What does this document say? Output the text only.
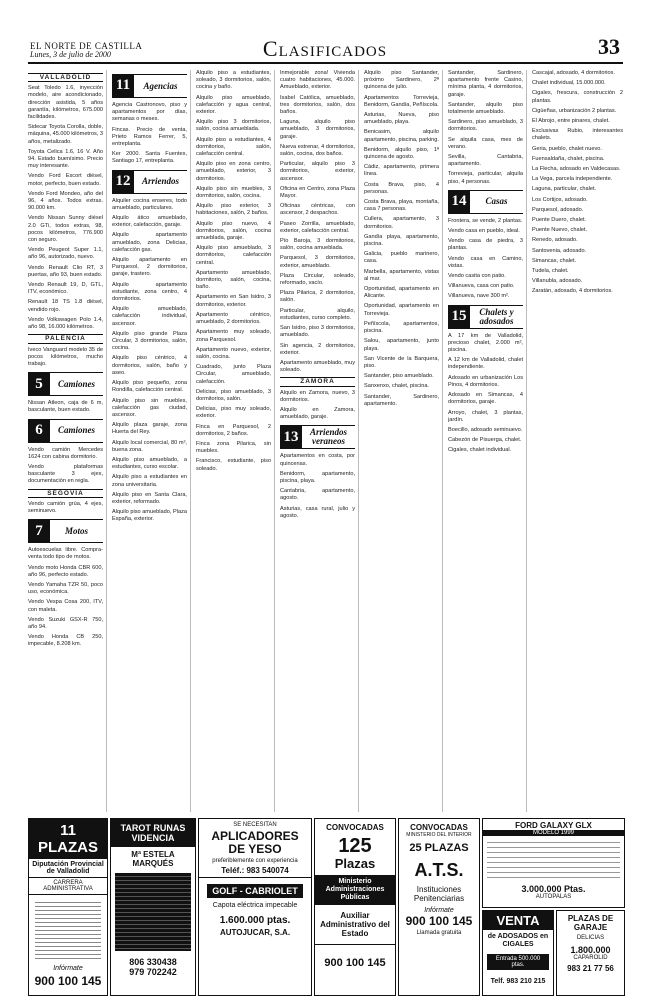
EL NORTE DE CASTILLA
Lunes, 3 de julio de 2000	Clasificados	33
VALLADOLID

Seat Toledo 1.6, inyección modelo, aire acondicionado, dirección asistida, 5 años garantía, kilómetros, 675.000 facilidades.

Sidecar Toyota Corolla, doble, máquina, 45.000 kilómetros, 3 años, metalizado.

Toyota Celica 1.6, 16 V. Año 94. Estado buenísimo. Precio muy interesante.

Vendo Ford Escort diésel, motor, perfecto, buen estado.

Vendo Ford Mondeo, año del 96, 4 años. Todos extras. 90.000 km.

Vendo Nissan Sunny diésel 2.0 GTi, todos extras, 98, pocos kilómetros, 776.900 con seguro.

Vendo Peugeot Super 1.1, año 96, autorizado, nuevo.

Vendo Renault Clio RT, 3 puertas, año 93, buen estado.

Vendo Renault 19, D, GTL, ITV, económico.

Renault 18 TS 1.8 diésel, vendido rojo.

Vendo Volkswagen Polo 1.4, año 98, 16.000 kilómetros.

PALENCIA

Iveco Vanguard modelo 35 de pocos kilómetros, mucho trabajo.

5	Camiones

Nissan Atleon, caja de 6 m, basculante, buen estado.

6	Camiones

Vendo camión Mercedes 1624 con cabina dormitorio.

Vendo plataformas basculante 3 ejes, documentación en regla.

SEGOVIA

Vendo camión grúa, 4 ejes, seminuevo.

7	Motos

Autoescuelas libre. Compra-venta todo tipo de motos.

Vendo moto Honda CBR 600, año 96, perfecto estado.

Vendo Yamaha TZR 50, poco uso, económica.

Vendo Vespa Cosa 200, ITV, con maleta.

Vendo Suzuki GSX-R 750, año 94.

Vendo Honda CB 250, impecable, 8.208 km.

11	Agencias

Agencia Castronovo, piso y apartamentos por días, semanas o meses.

Fincas. Precio de venta, Prieto Ramos Ferrer, 5, entreplanta.

Ker 2000. Santa Fuentes, Santiago 17, entreplanta.

12	Arriendos

Alquiler cocina enseres, todo amueblado, particulares.

Alquilo ático amueblado, exterior, calefacción, garaje.

Alquilo apartamento amueblado, zona Delicias, calefacción gas.

Alquilo apartamento en Parquesol, 2 dormitorios, garaje, trastero.

Alquilo apartamento estudiante, zona centro, 4 dormitorios.

Alquilo amueblado, calefacción individual, ascensor.

Alquilo piso grande Plaza Circular, 3 dormitorios, salón, cocina.

Alquilo piso céntrico, 4 dormitorios, salón, baño y aseo.

Alquilo piso pequeño, zona Rondilla, calefacción central.

Alquilo piso sin muebles, calefacción gas ciudad, ascensor.

Alquilo plaza garaje, zona Huerta del Rey.

Alquilo local comercial, 80 m², buena zona.

Alquilo piso amueblado, a estudiantes, curso escolar.

Alquilo piso a estudiantes en zona universitaria.

Alquilo piso en Santa Clara, exterior, reformado.

Alquilo piso amueblado, Plaza España, exterior.

Alquilo piso a estudiantes, soleado, 3 dormitorios, salón, cocina y baño.

Alquilo piso amueblado, calefacción y agua central, exterior.

Alquilo piso 3 dormitorios, salón, cocina amueblada.

Alquilo piso a estudiantes, 4 dormitorios, salón, calefacción central.

Alquilo piso en zona centro, amueblado, exterior, 3 dormitorios.

Alquilo piso sin muebles, 3 dormitorios, salón, cocina.

Alquilo piso exterior, 3 habitaciones, salón, 2 baños.

Alquilo piso nuevo, 4 dormitorios, salón, cocina amueblada, garaje.

Alquilo piso amueblado, 3 dormitorios, calefacción central.

Apartamento amueblado, dormitorio, salón, cocina, baño.

Apartamento en San Isidro, 3 dormitorios, exterior.

Apartamento céntrico, amueblado, 2 dormitorios.

Apartamento muy soleado, zona Parquesol.

Apartamento nuevo, exterior, salón, cocina.

Cuadrado, junto Plaza Circular, amueblado, calefacción.

Delicias, piso amueblado, 3 dormitorios, salón.

Delicias, piso muy soleado, exterior.

Finca en Parquesol, 2 dormitorios, 2 baños.

Finca zona Pilarica, sin muebles.

Francisco, estudiante, piso soleado.

Inmejorable zona! Vivienda cuatro habitaciones, 45.000. Amueblado, exterior.

Isabel Católica, amueblado, tres dormitorios, salón, dos baños.

Laguna, alquilo piso amueblado, 3 dormitorios, garaje.

Nueva estrenar, 4 dormitorios, salón, cocina, dos baños.

Particular, alquilo piso 3 dormitorios, exterior, ascensor.

Oficina en Centro, zona Plaza Mayor.

Oficinas céntricas, con ascensor, 2 despachos.

Paseo Zorrilla, amueblado, exterior, calefacción central.

Pío Baroja, 3 dormitorios, salón, cocina amueblada.

Parquesol, 3 dormitorios, exterior, amueblado.

Plaza Circular, soleado, reformado, vacío.

Plaza Pilarica, 2 dormitorios, salón.

Particular, alquilo, estudiantes, curso completo.

San Isidro, piso 3 dormitorios, amueblado.

Sin agencia, 2 dormitorios, exterior.

Apartamento amueblado, muy soleado.

ZAMORA

Alquilo en Zamora, nuevo, 3 dormitorios.

Alquilo en Zamora, amueblado, garaje.

13	Arriendos veraneos

Apartamentos en costa, por quincenas.

Benidorm, apartamento, piscina, playa.

Cantabria, apartamento, agosto.

Asturias, casa rural, julio y agosto.

Alquilo piso Santander, próximo Sardinero, 2ª quincena de julio.

Apartamentos Torrevieja, Benidorm, Gandía, Peñíscola.

Asturias, Nueva, piso amueblado, playa.

Benicasim, alquilo apartamento, piscina, parking.

Benidorm, alquilo piso, 1ª quincena de agosto.

Cádiz, apartamento, primera línea.

Costa Brava, piso, 4 personas.

Costa Brava, playa, montaña, casa 7 personas.

Cullera, apartamento, 3 dormitorios.

Gandía playa, apartamento, piscina.

Galicia, pueblo marinero, casa.

Marbella, apartamento, vistas al mar.

Oportunidad, apartamento en Alicante.

Oportunidad, apartamento en Torrevieja.

Peñíscola, apartamentos, piscina.

Salou, apartamento, junto playa.

San Vicente de la Barquera, piso.

Santander, piso amueblado.

Sanxenxo, chalet, piscina.

Santander, Sardinero, apartamento.

Santander, Sardinero, apartamento frente Casino, mínima planta, 4 dormitorios, garaje.

Santander, alquilo piso totalmente amueblado.

Sardinero, piso amueblado, 3 dormitorios.

Se alquila casa, mes de verano.

Sevilla, Cantabria, apartamento.

Torrevieja, particular, alquila piso, 4 personas.

14	Casas

Frontera, se vende, 2 plantas.

Vendo casa en pueblo, ideal.

Vendo casa de piedra, 3 plantas.

Vendo casa en Camino, vistas.

Vendo casita con patio.

Villanueva, casa con patio.

Villanueva, nave 300 m².

15	Chalets y adosados

A 17 km de Valladolid, precioso chalet, 2.000 m², piscina.

A 12 km de Valladolid, chalet independiente.

Adosado en urbanización Los Pinos, 4 dormitorios.

Adosado en Simancas, 4 dormitorios, garaje.

Arroyo, chalet, 3 plantas, jardín.

Boecillo, adosado seminuevo.

Cabezón de Pisuerga, chalet.

Cigales, chalet individual.

Cascajal, adosado, 4 dormitorios.

Chalet individual, 15.000.000.

Cigales, frescura, construcción 2 plantas.

Cigüeñas, urbanización 2 plantas.

El Abrojo, entre pinares, chalet.

Exclusivas Rubio, interesantes chalets.

Geria, pueblo, chalet nuevo.

Fuensaldaña, chalet, piscina.

La Flecha, adosado en Valdecasas.

La Vega, parcela independiente.

Laguna, particular, chalet.

Los Cortijos, adosado.

Parquesol, adosado.

Puente Duero, chalet.

Puente Nuevo, chalet.

Renedo, adosado.

Santovenia, adosado.

Simancas, chalet.

Tudela, chalet.

Villanubla, adosado.

Zaratán, adosado, 4 dormitorios.

11 PLAZAS
Diputación Provincial de Valladolid
CARRERA ADMINISTRATIVA
Infórmate
900 100 145
TAROT RUNAS VIDENCIA
Mª ESTELA MARQUÉS
806 330438
979 702242
SE NECESITAN
APLICADORES DE YESO
preferiblemente con experiencia
Teléf.: 983 540074
GOLF - CABRIOLET
Capota eléctrica impecable
1.600.000 ptas.
AUTOJUCAR, S.A.
CONVOCADAS
125
Plazas
Ministerio Administraciones Públicas
Auxiliar Administrativo del Estado
900 100 145
CONVOCADAS
MINISTERIO DEL INTERIOR
25 PLAZAS
A.T.S.
Instituciones Penitenciarias
Infórmate
900 100 145
Llamada gratuita
FORD GALAXY GLX
MODELO 1999
3.000.000 Ptas.
AUTOPALAS
VENTA
de ADOSADOS en CIGALES
Entrada 500.000 ptas.
Telf. 983 210 215
PLAZAS DE GARAJE
DELICIAS
1.800.000
CAPAROLID
983 21 77 56
